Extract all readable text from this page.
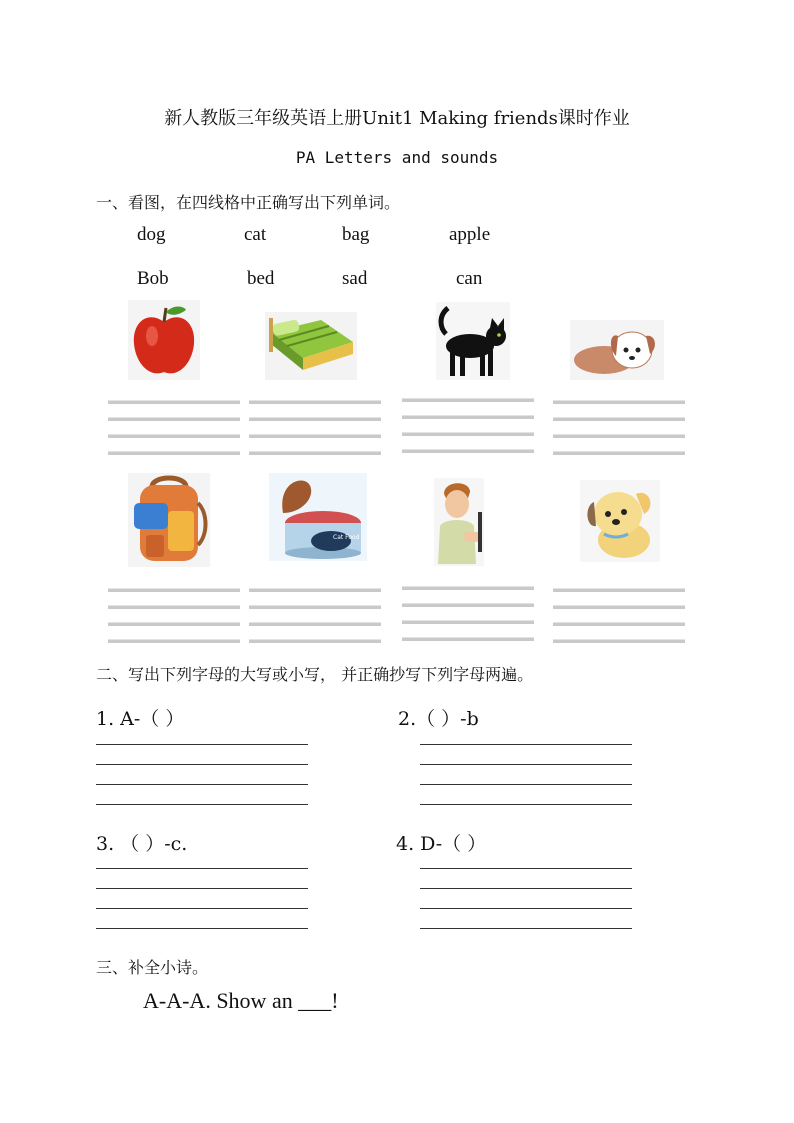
新人教版三年级英语上册Unit1 Making friends课时作业
PA Letters and sounds
一、看图，在四线格中正确写出下列单词。
dog	cat	bag	apple
Bob	bed	sad	can
Cat Food
二、写出下列字母的大写或小写， 并正确抄写下列字母两遍。
1. A-（ ）	2.（ ）-b
3. （ ）-c.	4. D-（ ）
三、补全小诗。
A-A-A. Show an ___!
